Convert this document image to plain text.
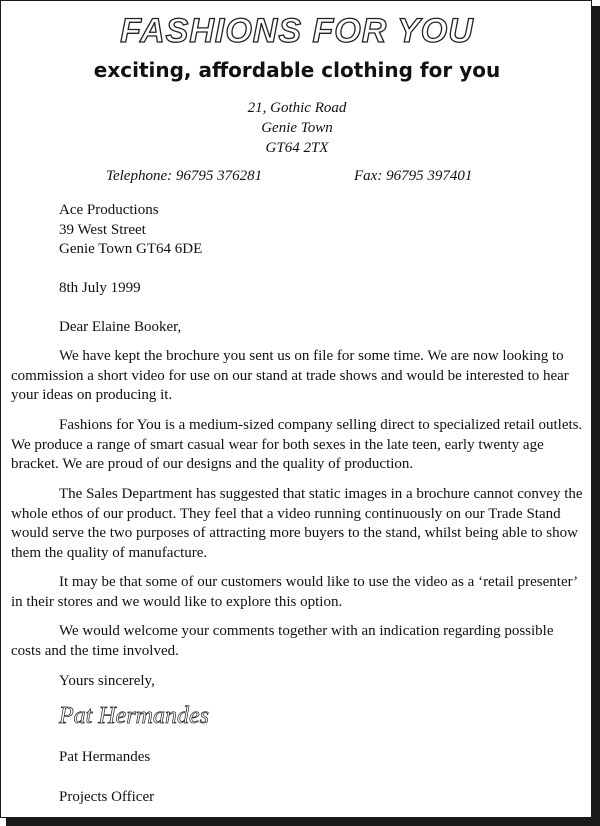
FASHIONS FOR YOU
exciting, affordable clothing for you
21, Gothic Road
Genie Town
GT64 2TX
Telephone: 96795 376281	Fax: 96795 397401
Ace Productions
39 West Street
Genie Town GT64 6DE
8th July 1999
Dear Elaine Booker,

We have kept the brochure you sent us on file for some time. We are now looking to commission a short video for use on our stand at trade shows and would be interested to hear your ideas on producing it.

Fashions for You is a medium-sized company selling direct to specialized retail outlets. We produce a range of smart casual wear for both sexes in the late teen, early twenty age bracket. We are proud of our designs and the quality of production.

The Sales Department has suggested that static images in a brochure cannot convey the whole ethos of our product. They feel that a video running continuously on our Trade Stand would serve the two purposes of attracting more buyers to the stand, whilst being able to show them the quality of manufacture.

It may be that some of our customers would like to use the video as a ‘retail presenter’ in their stores and we would like to explore this option.

We would welcome your comments together with an indication regarding possible costs and the time involved.

Yours sincerely,
Pat Hermandes
Pat Hermandes
Projects Officer
